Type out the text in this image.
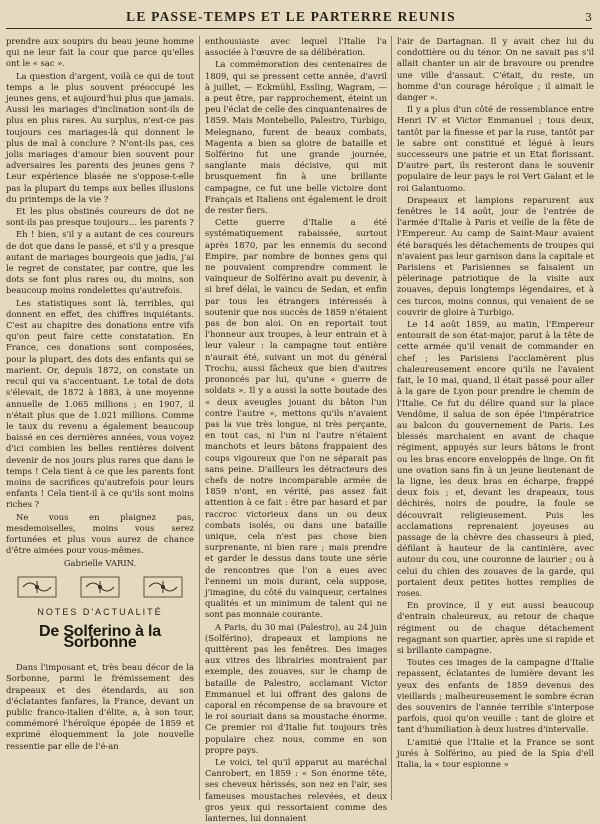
LE PASSE-TEMPS ET LE PARTERRE REUNIS	3

prendre aux soupirs du beau jeune homme qui ne leur fait la cour que parce qu'elles ont le « sac ».

La question d'argent, voilà ce qui de tout temps a le plus souvent préoccupé les jeunes gens, et aujourd'hui plus que jamais. Aussi les mariages d'inclination sont-ils de plus en plus rares. Au surplus, n'est-ce pas toujours ces mariages-là qui donnent le plus de mal à conclure ? N'ont-ils pas, ces jolis mariages d'amour bien souvent pour adversaires les parents des jeunes gens ? Leur expérience blasée ne s'oppose-t-elle pas la plupart du temps aux belles illusions du printemps de la vie ?

Et les plus obstinés coureurs de dot ne sont-ils pas presque toujours… les parents ?

Eh ! bien, s'il y a autant de ces coureurs de dot que dans le passé, et s'il y a presque autant de mariages bourgeois que jadis, j'ai le regret de constater, par contre, que les dots se font plus rares ou, du moins, son beaucoup moins rondelettes qu'autrefois.

Les statistiques sont là, terribles, qui donnent en effet, des chiffres inquiétants. C'est au chapitre des donations entre vifs qu'on peut faire cette constatation. En France, ces donations sont composées, pour la plupart, des dots des enfants qui se marient. Or, depuis 1872, on constate un recul qui va s'accentuant. Le total de dots s'élevait, de 1872 à 1883, à une moyenne annuelle de 1.065 millions ; en 1907, il n'était plus que de 1.021 millions. Comme le taux du revenu a également beaucoup baissé en ces dernières années, vous voyez d'ici combien les belles rentières doivent devenir de nos jours plus rares que dans le temps ! Cela tient à ce que les parents font moins de sacrifices qu'autrefois pour leurs enfants ! Cela tient-il à ce qu'ils sont moins riches ?

Ne vous en plaignez pas, mesdemoiselles, moins vous serez fortunées et plus vous aurez de chance d'être aimées pour vous-mêmes.

Gabrielle VARIN.
NOTES D'ACTUALITÉ
De Solferino à la Sorbonne

Dans l'imposant et, très beau décor de la Sorbonne, parmi le frémissement des drapeaux et des étendards, au son d'éclatantes fanfares, la France, devant un public franco-italien d'élite, a, à son tour, commémoré l'héroïque épopée de 1859 et exprimé éloquemment la joie nouvelle ressentie par elle de l'é-an

enthousiaste avec lequel l'Italie l'a associée à l'œuvre de sa délibération.

La commémoration des centenaires de 1809, qui se pressent cette année, d'avril à juillet, — Eckmühl, Essling, Wagram, — a peut être, par rapprochement, éteint un peu l'éclat de celle des cinquantenaires de 1859. Mais Montebello, Palestro, Turbigo, Melegnano, furent de beaux combats, Magenta a bien sa gloire de bataille et Solférino fut une grande journée, sanglante mais décisive, qui mit brusquement fin à une brillante campagne, ce fut une belle victoire dont Français et Italiens ont également le droit de rester fiers.

Cette guerre d'Italie a été systématiquement rabaissée, surtout après 1870, par les ennemis du second Empire, par nombre de bonnes gens qui ne pouvaient comprendre comment le vainqueur de Solférino avait pu devenir, à si bref délai, le vaincu de Sedan, et enfin par tous les étrangers intéressés à soutenir que nos succès de 1859 n'étaient pas de bon aloi. On en reportait tout l'honneur aux troupes, à leur entrain et à leur valeur : la campagne tout entière n'aurait été, suivant un mot du général Trochu, aussi fâcheux que bien d'autres prononcés par lui, qu'une « guerre de soldats ». Il y a aussi la sotte boutade des « deux aveugles jouant du bâton l'un contre l'autre », mettons qu'ils n'avaient pas la vue très longue, ni très perçante, en tout cas, ni l'un ni l'autre n'étaient manchots et leurs bâtons frappaient des coups vigoureux que l'on ne séparait pas sans peine. D'ailleurs les détracteurs des chefs de notre incomparable armée de 1859 n'ont, en vérité, pas assez fait attention à ce fait : être par hasard et par raccroc victorieux dans un ou deux combats isolés, ou dans une bataille unique, cela n'est pas chose bien surprenante, ni bien rare ; mais prendre et garder le dessus dans toute une série de rencontres que l'on a eues avec l'ennemi un mois durant, cela suppose, j'imagine, du côté du vainqueur, certaines qualités et un minimum de talent qui ne sont pas monnaie courante.

A Paris, du 30 mai (Palestro), au 24 juin (Solférino), drapeaux et lampions ne quittèrent pas les fenêtres. Des images aux vitres des librairies montraient par exemple, des zouaves, sur le champ de bataille de Palestro, acclamant Victor Emmanuel et lui offrant des galons de caporal en récompense de sa bravoure et le roi souriait dans sa moustache énorme. Ce premier roi d'Italie fut toujours très populaire chez nous, comme en son propre pays.

Le voici, tel qu'il apparut au maréchal Canrobert, en 1859 : « Son énorme tête, ses cheveux hérissés, son nez en l'air, ses fameuses moustaches relevées, et deux gros yeux qui ressortaient comme des lanternes, lui donnaient

l'air de Dartagnan. Il y avait chez lui du condottière ou du ténor. On ne savait pas s'il allait chanter un air de bravoure ou prendre une ville d'assaut. C'était, du reste, un homme d'un courage héroïque ; il aimait le danger ».

Il y a plus d'un côté de ressemblance entre Henri IV et Victor Emmanuel ; tous deux, tantôt par la finesse et par la ruse, tantôt par le sabre ont constitué et légué à leurs successeurs une patrie et un Etat florissant. D'autre part, ils resteront dans le souvenir populaire de leur pays le roi Vert Galant et le roi Galantuomo.

Drapeaux et lampions reparurent aux fenêtres le 14 août, jour de l'entrée de l'armée d'Italie à Paris et veille de la fête de l'Empereur. Au camp de Saint-Maur avaient été baraqués les détachements de troupes qui n'avaient pas leur garnison dans la capitale et Parisiens et Parisiennes se faisaient un pèlerinage patriotique de la visite aux zouaves, depuis longtemps légendaires, et à ces turcos, moins connus, qui venaient de se couvrir de gloire à Turbigo.

Le 14 août 1859, au matin, l'Empereur entourait de son état-major, parut à la tête de cette armée qu'il venait de commander en chef ; les Parisiens l'acclamèrent plus chaleureusement encore qu'ils ne l'avaient fait, le 10 mai, quand, il était passé pour aller à la gare de Lyon pour prendre le chemin de l'Italie. Ce fut du délire quand sur la place Vendôme, il salua de son épée l'impératrice au balcon du gouvernement de Paris. Les blessés marchaient en avant de chaque régiment, appuyés sur leurs bâtons le front ou les bras encore enveloppés de linge. On fit une ovation sans fin à un jeune lieutenant de la ligne, les deux bras en écharpe, frappé deux fois ; et, devant les drapeaux, tous déchirés, noirs de poudre, la foule se découvrait religieusement. Puis les acclamations reprenaient joyeuses au passage de la chèvre des chasseurs à pied, défilant à hauteur de la cantinière, avec autour du cou, une couronne de laurier ; ou à celui du chien des zouaves de la garde, qui portaient deux petites hottes remplies de roses.

En province, il y eut aussi beaucoup d'entrain chaleureux, au retour de chaque régiment ou de chaque détachement regagnant son quartier, après une si rapide et si brillante campagne.

Toutes ces images de la campagne d'Italie repassent, éclatantes de lumière devant les yeux des enfants de 1859 devenus des vieillards ; malheureusement le sombre écran des souvenirs de l'année terrible s'interpose parfois, quoi qu'on veuille : tant de gloire et tant d'humiliation à deux lustres d'intervalle.

L'amitié que l'Italie et la France se sont jurés à Solférino, au pied de la Spia d'ell Italia, la « tour espionne »
